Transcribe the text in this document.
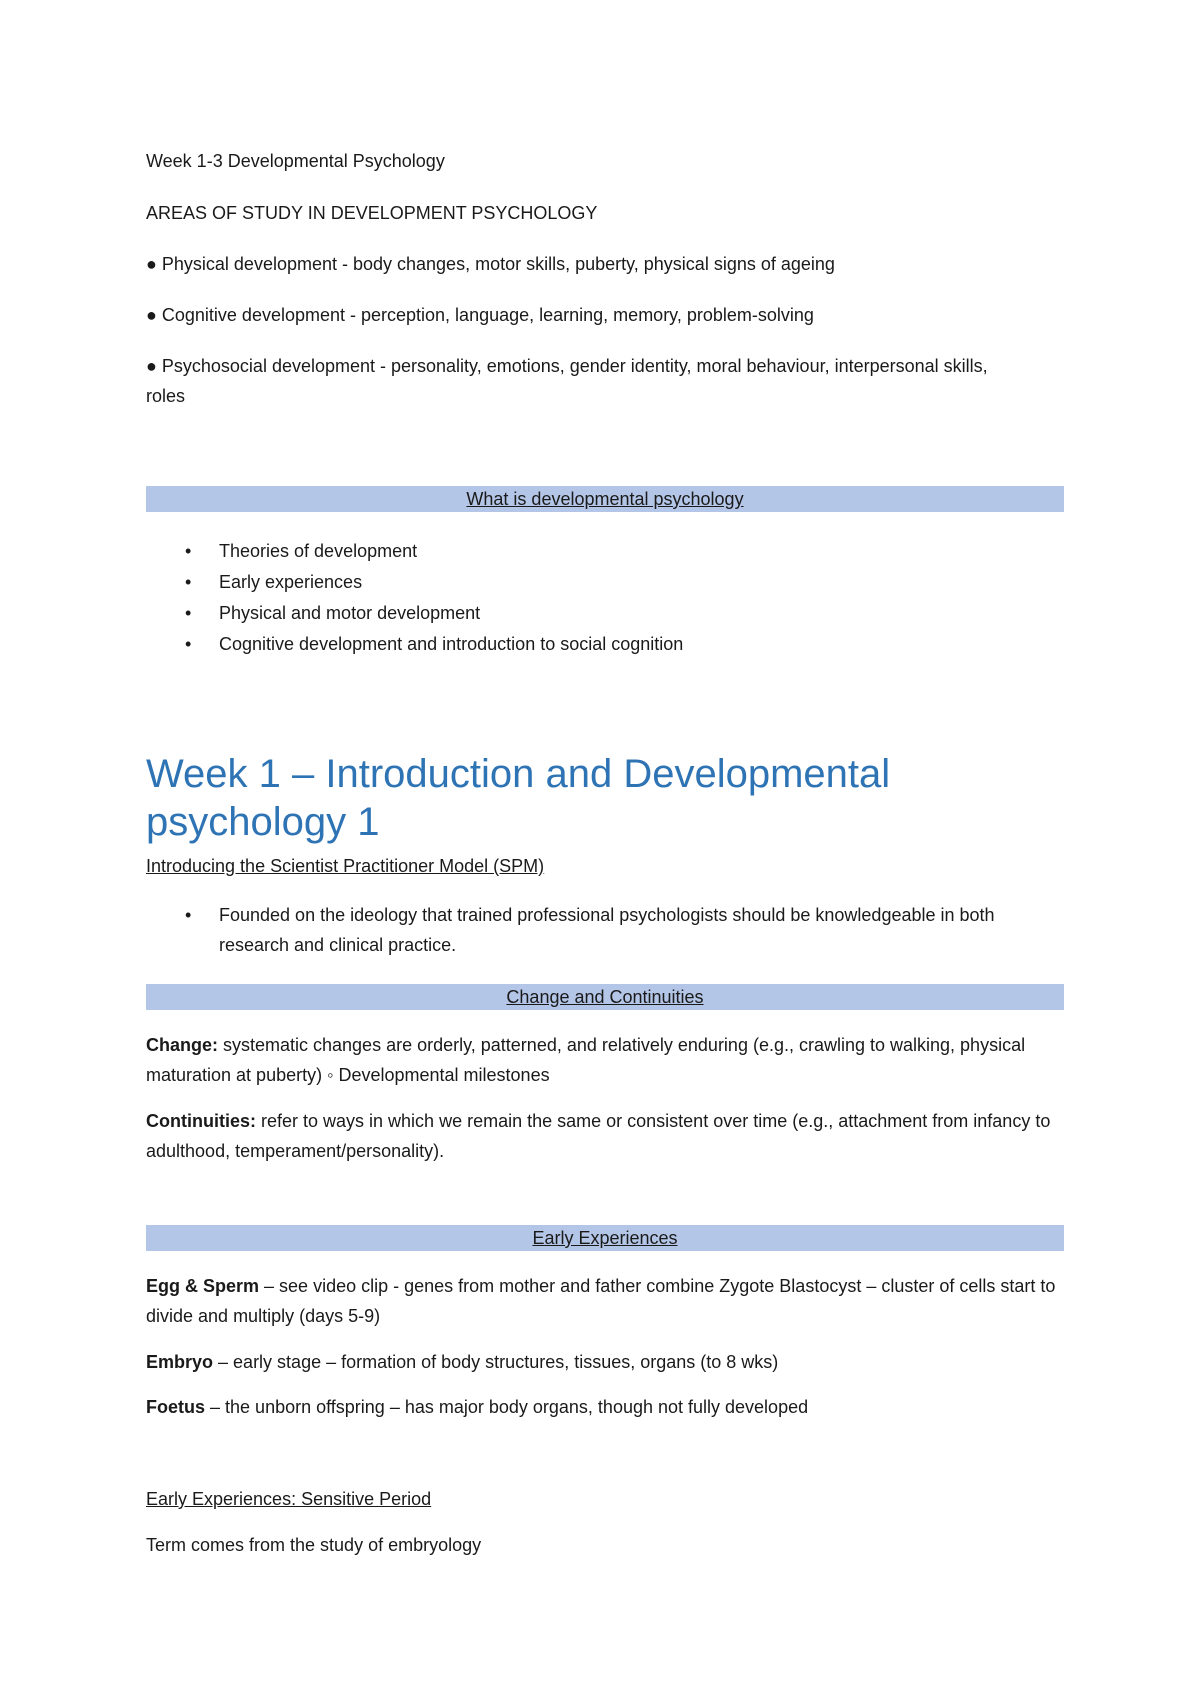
Week 1-3 Developmental Psychology
AREAS OF STUDY IN DEVELOPMENT PSYCHOLOGY
● Physical development - body changes, motor skills, puberty, physical signs of ageing
● Cognitive development - perception, language, learning, memory, problem-solving
● Psychosocial development - personality, emotions, gender identity, moral behaviour, interpersonal skills, roles
What is developmental psychology
• Theories of development
• Early experiences
• Physical and motor development
• Cognitive development and introduction to social cognition
Week 1 – Introduction and Developmental psychology 1
Introducing the Scientist Practitioner Model (SPM)
• Founded on the ideology that trained professional psychologists should be knowledgeable in both research and clinical practice.
Change and Continuities
Change: systematic changes are orderly, patterned, and relatively enduring (e.g., crawling to walking, physical maturation at puberty) ◦ Developmental milestones
Continuities: refer to ways in which we remain the same or consistent over time (e.g., attachment from infancy to adulthood, temperament/personality).
Early Experiences
Egg & Sperm – see video clip - genes from mother and father combine Zygote Blastocyst – cluster of cells start to divide and multiply (days 5-9)
Embryo – early stage – formation of body structures, tissues, organs (to 8 wks)
Foetus – the unborn offspring – has major body organs, though not fully developed
Early Experiences: Sensitive Period
Term comes from the study of embryology
